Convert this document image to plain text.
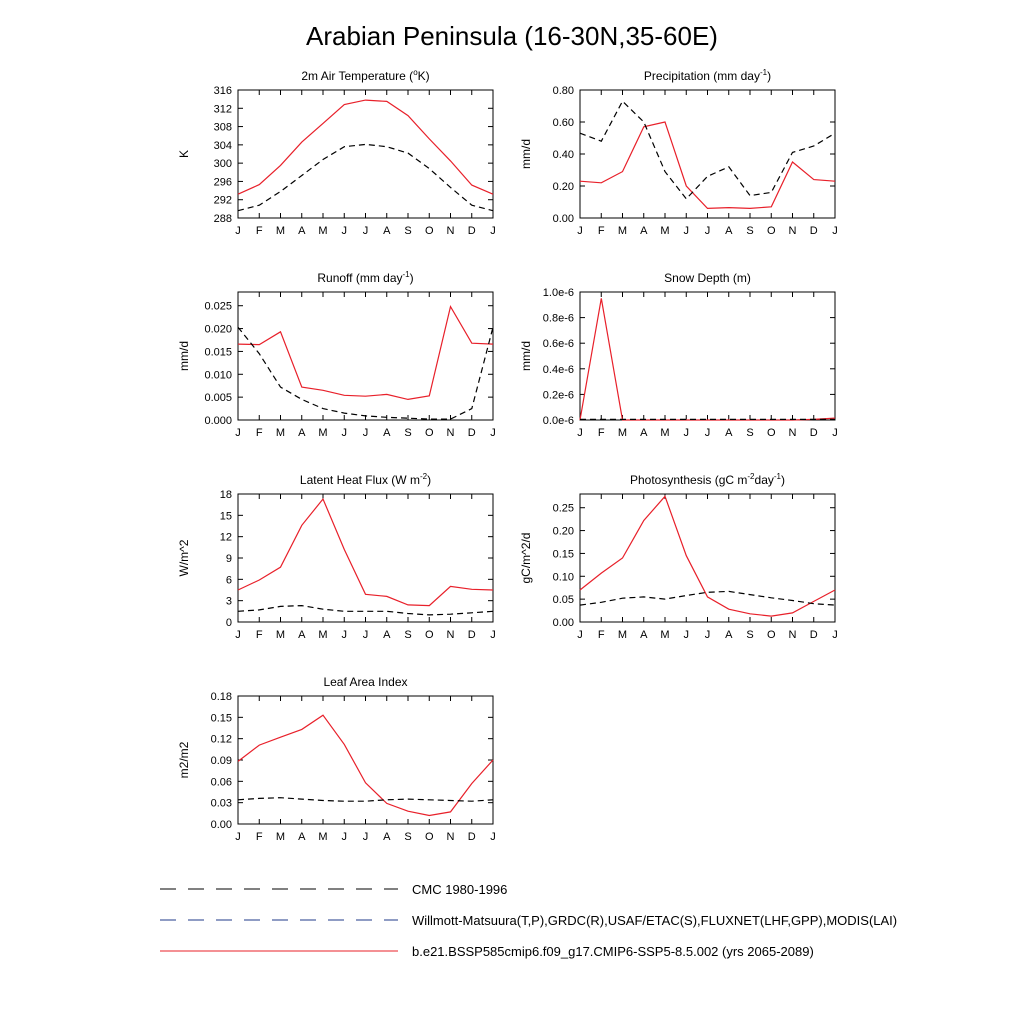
Arabian Peninsula (16-30N,35-60E)
2m Air Temperature ($^o$K)
J F M A M J J A S O N D J
288
292
296
300
304
308
312
316
K
Precipitation (mm day$^{-1}$)
J F M A M J J A S O N D J
0.00
0.20
0.40
0.60
0.80
mm/d
Runoff (mm day$^{-1}$)
J F M A M J J A S O N D J
0.000
0.005
0.010
0.015
0.020
0.025
mm/d
Snow Depth (m)
J F M A M J J A S O N D J
0.0e-6
0.2e-6
0.4e-6
0.6e-6
0.8e-6
1.0e-6
mm/d
Latent Heat Flux (W $m^{-2}$)
J F M A M J J A S O N D J
0
3
6
9
12
15
18
W/m^2
Photosynthesis (gC $m^{-2}day^{-1}$)
J F M A M J J A S O N D J
0.00
0.05
0.10
0.15
0.20
0.25
gC/m^2/d
Leaf Area Index
J F M A M J J A S O N D J
0.00
0.03
0.06
0.09
0.12
0.15
0.18
m2/m2
CMC 1980-1996
Willmott-Matsuura(T,P),GRDC(R),USAF/ETAC(S),FLUXNET(LHF,GPP),MODIS(LAI)
b.e21.BSSP585cmip6.f09_g17.CMIP6-SSP5-8.5.002 (yrs 2065-2089)
